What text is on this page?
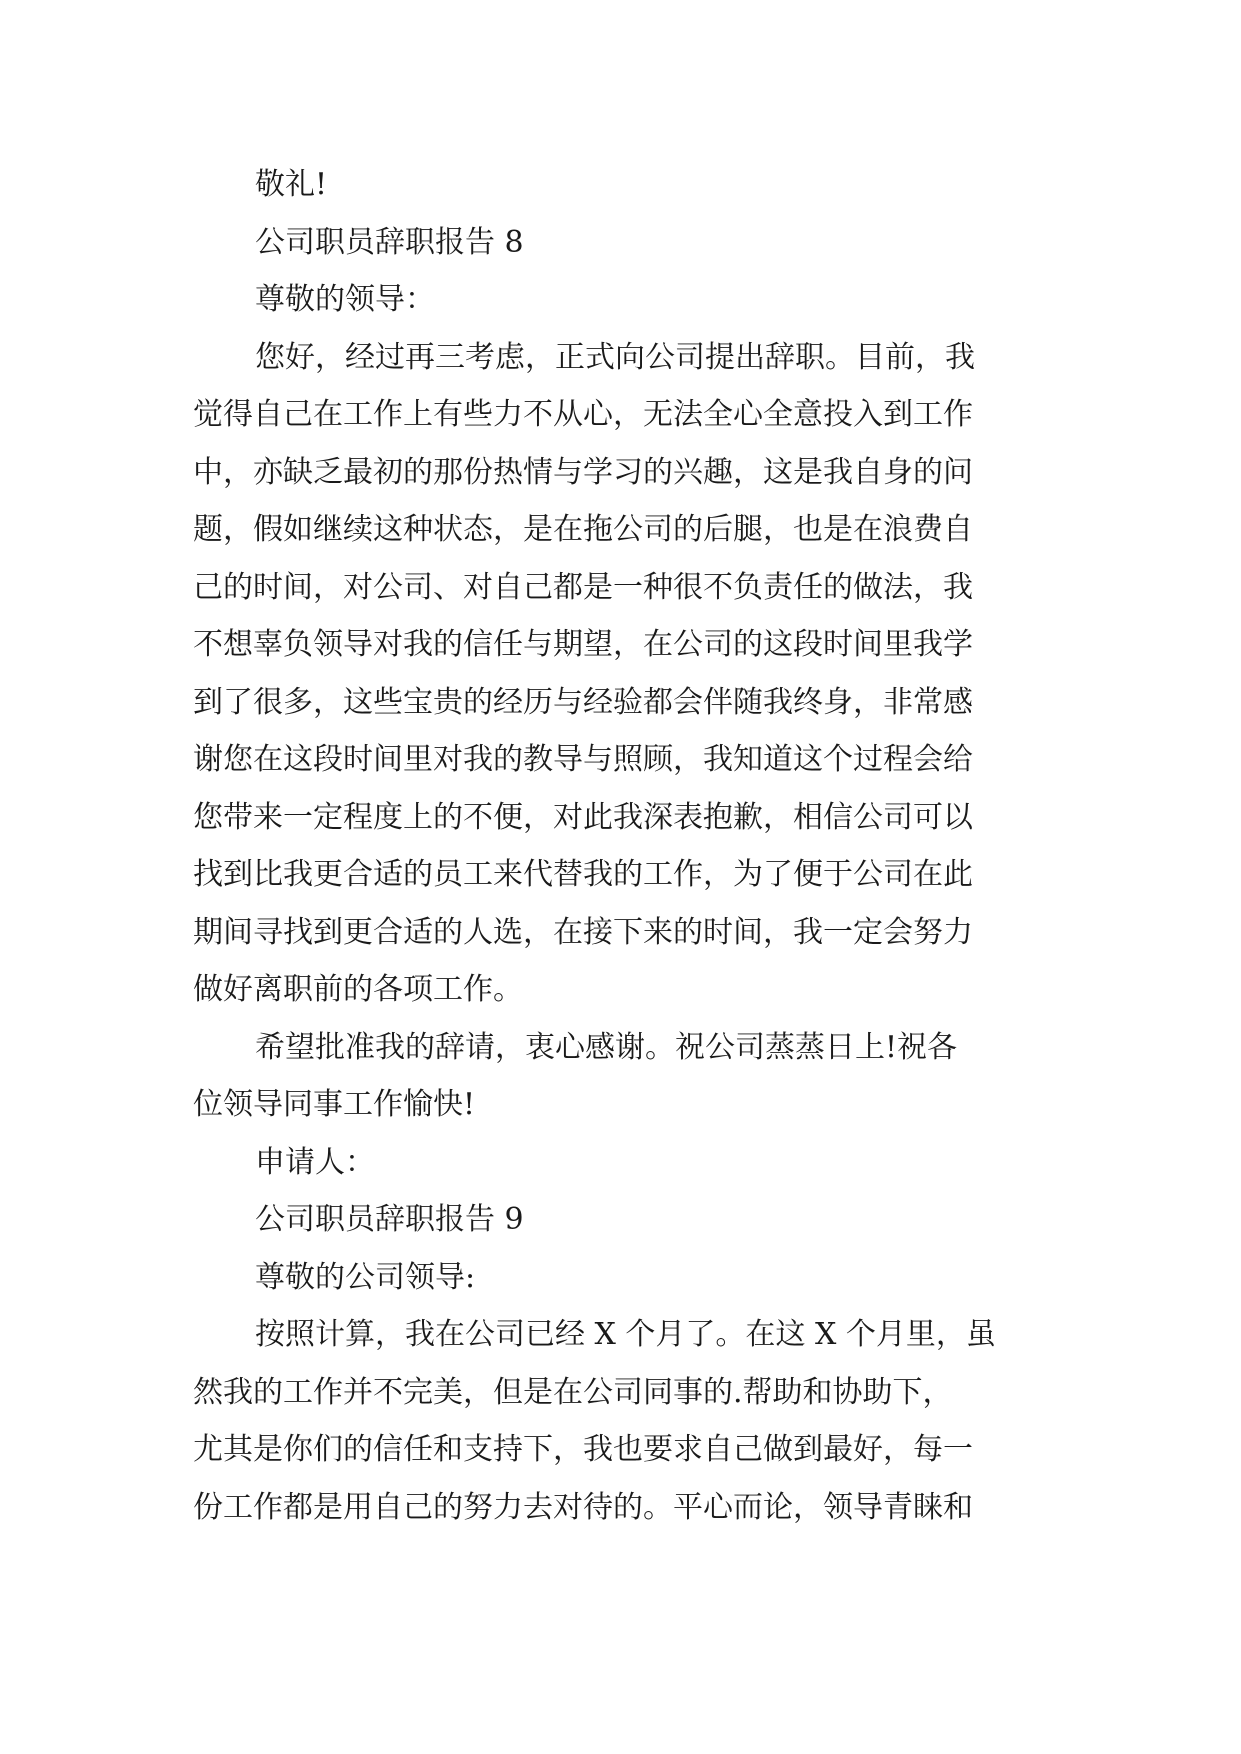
敬礼!
公司职员辞职报告 8
尊敬的领导：
您好，经过再三考虑，正式向公司提出辞职。目前，我
觉得自己在工作上有些力不从心，无法全心全意投入到工作
中，亦缺乏最初的那份热情与学习的兴趣，这是我自身的问
题，假如继续这种状态，是在拖公司的后腿，也是在浪费自
己的时间，对公司、对自己都是一种很不负责任的做法，我
不想辜负领导对我的信任与期望，在公司的这段时间里我学
到了很多，这些宝贵的经历与经验都会伴随我终身，非常感
谢您在这段时间里对我的教导与照顾，我知道这个过程会给
您带来一定程度上的不便，对此我深表抱歉，相信公司可以
找到比我更合适的员工来代替我的工作，为了便于公司在此
期间寻找到更合适的人选，在接下来的时间，我一定会努力
做好离职前的各项工作。
希望批准我的辞请，衷心感谢。祝公司蒸蒸日上!祝各
位领导同事工作愉快!
申请人：
公司职员辞职报告 9
尊敬的公司领导:
按照计算，我在公司已经 X 个月了。在这 X 个月里，虽
然我的工作并不完美，但是在公司同事的.帮助和协助下，
尤其是你们的信任和支持下，我也要求自己做到最好，每一
份工作都是用自己的努力去对待的。平心而论，领导青睐和
